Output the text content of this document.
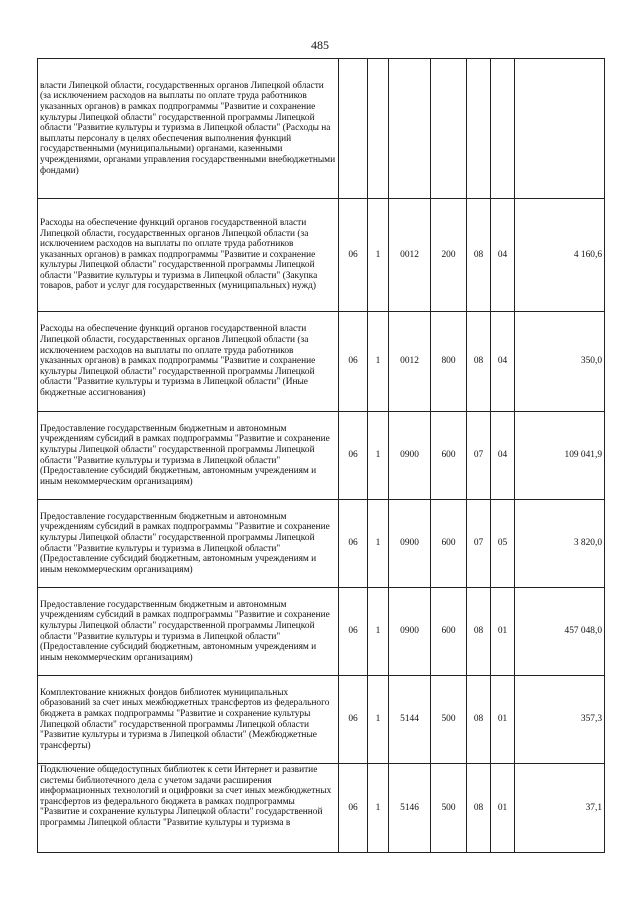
485
власти Липецкой области, государственных органов Липецкой области (за исключением расходов на выплаты по оплате труда работников указанных органов) в рамках подпрограммы "Развитие и сохранение культуры Липецкой области" государственной программы Липецкой области "Развитие культуры и туризма в Липецкой области" (Расходы на выплаты персоналу в целях обеспечения выполнения функций государственными (муниципальными) органами, казенными учреждениями, органами управления государственными внебюджетными фондами)							
Расходы на обеспечение функций органов государственной власти Липецкой области, государственных органов Липецкой области (за исключением расходов на выплаты по оплате труда работников указанных органов) в рамках подпрограммы "Развитие и сохранение культуры Липецкой области" государственной программы Липецкой области "Развитие культуры и туризма в Липецкой области" (Закупка товаров, работ и услуг для государственных (муниципальных) нужд)	06	1	0012	200	08	04	4 160,6
Расходы на обеспечение функций органов государственной власти Липецкой области, государственных органов Липецкой области (за исключением расходов на выплаты по оплате труда работников указанных органов) в рамках подпрограммы "Развитие и сохранение культуры Липецкой области" государственной программы Липецкой области "Развитие культуры и туризма в Липецкой области" (Иные бюджетные ассигнования)	06	1	0012	800	08	04	350,0
Предоставление государственным бюджетным и автономным учреждениям субсидий в рамках подпрограммы "Развитие и сохранение культуры Липецкой области" государственной программы Липецкой области "Развитие культуры и туризма в Липецкой области" (Предоставление субсидий бюджетным, автономным учреждениям и иным некоммерческим организациям)	06	1	0900	600	07	04	109 041,9
Предоставление государственным бюджетным и автономным учреждениям субсидий в рамках подпрограммы "Развитие и сохранение культуры Липецкой области" государственной программы Липецкой области "Развитие культуры и туризма в Липецкой области" (Предоставление субсидий бюджетным, автономным учреждениям и иным некоммерческим организациям)	06	1	0900	600	07	05	3 820,0
Предоставление государственным бюджетным и автономным учреждениям субсидий в рамках подпрограммы "Развитие и сохранение культуры Липецкой области" государственной программы Липецкой области "Развитие культуры и туризма в Липецкой области" (Предоставление субсидий бюджетным, автономным учреждениям и иным некоммерческим организациям)	06	1	0900	600	08	01	457 048,0
Комплектование книжных фондов библиотек муниципальных образований за счет иных межбюджетных трансфертов из федерального бюджета в рамках подпрограммы "Развитие и сохранение культуры Липецкой области" государственной программы Липецкой области "Развитие культуры и туризма в Липецкой области" (Межбюджетные трансферты)	06	1	5144	500	08	01	357,3

Подключение общедоступных библиотек к сети Интернет и развитие системы библиотечного дела с учетом задачи расширения информационных технологий и оцифровки за счет иных межбюджетных трансфертов из федерального бюджета в рамках подпрограммы "Развитие и сохранение культуры Липецкой области" государственной программы Липецкой области "Развитие культуры и туризма в	06	1	5146	500	08	01	37,1
